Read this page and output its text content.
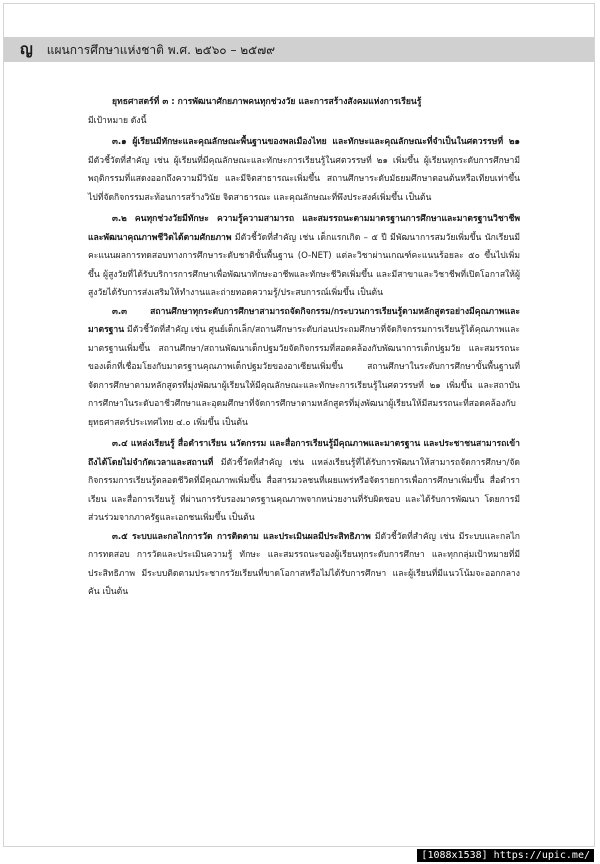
ญ แผนการศึกษาแห่งชาติ พ.ศ. ๒๕๖๐ – ๒๕๗๙

ยุทธศาสตร์ที่ ๓ : การพัฒนาศักยภาพคนทุกช่วงวัย และการสร้างสังคมแห่งการเรียนรู้

มีเป้าหมาย ดังนี้

๓.๑ ผู้เรียนมีทักษะและคุณลักษณะพื้นฐานของพลเมืองไทย และทักษะและคุณลักษณะที่จำเป็นในศตวรรษที่ ๒๑ มีตัวชี้วัดที่สำคัญ เช่น ผู้เรียนที่มีคุณลักษณะและทักษะการเรียนรู้ในศตวรรษที่ ๒๑ เพิ่มขึ้น ผู้เรียนทุกระดับการศึกษามีพฤติกรรมที่แสดงออกถึงความมีวินัย และมีจิตสาธารณะเพิ่มขึ้น สถานศึกษาระดับมัธยมศึกษาตอนต้นหรือเทียบเท่าขึ้นไปที่จัดกิจกรรมสะท้อนการสร้างวินัย จิตสาธารณะ และคุณลักษณะที่พึงประสงค์เพิ่มขึ้น เป็นต้น

๓.๒ คนทุกช่วงวัยมีทักษะ ความรู้ความสามารถ และสมรรถนะตามมาตรฐานการศึกษาและมาตรฐานวิชาชีพ และพัฒนาคุณภาพชีวิตได้ตามศักยภาพ มีตัวชี้วัดที่สำคัญ เช่น เด็กแรกเกิด – ๕ ปี มีพัฒนาการสมวัยเพิ่มขึ้น นักเรียนมีคะแนนผลการทดสอบทางการศึกษาระดับชาติขั้นพื้นฐาน (O-NET) แต่ละวิชาผ่านเกณฑ์คะแนนร้อยละ ๕๐ ขึ้นไปเพิ่มขึ้น ผู้สูงวัยที่ได้รับบริการการศึกษาเพื่อพัฒนาทักษะอาชีพและทักษะชีวิตเพิ่มขึ้น และมีสาขาและวิชาชีพที่เปิดโอกาสให้ผู้สูงวัยได้รับการส่งเสริมให้ทำงานและถ่ายทอดความรู้/ประสบการณ์เพิ่มขึ้น เป็นต้น

๓.๓ สถานศึกษาทุกระดับการศึกษาสามารถจัดกิจกรรม/กระบวนการเรียนรู้ตามหลักสูตรอย่างมีคุณภาพและมาตรฐาน มีตัวชี้วัดที่สำคัญ เช่น ศูนย์เด็กเล็ก/สถานศึกษาระดับก่อนประถมศึกษาที่จัดกิจกรรมการเรียนรู้ได้คุณภาพและมาตรฐานเพิ่มขึ้น สถานศึกษา/สถานพัฒนาเด็กปฐมวัยจัดกิจกรรมที่สอดคล้องกับพัฒนาการเด็กปฐมวัย และสมรรถนะของเด็กที่เชื่อมโยงกับมาตรฐานคุณภาพเด็กปฐมวัยของอาเซียนเพิ่มขึ้น สถานศึกษาในระดับการศึกษาขั้นพื้นฐานที่จัดการศึกษาตามหลักสูตรที่มุ่งพัฒนาผู้เรียนให้มีคุณลักษณะและทักษะการเรียนรู้ในศตวรรษที่ ๒๑ เพิ่มขึ้น และสถาบันการศึกษาในระดับอาชีวศึกษาและอุดมศึกษาที่จัดการศึกษาตามหลักสูตรที่มุ่งพัฒนาผู้เรียนให้มีสมรรถนะที่สอดคล้องกับยุทธศาสตร์ประเทศไทย ๔.๐ เพิ่มขึ้น เป็นต้น

๓.๔ แหล่งเรียนรู้ สื่อตำราเรียน นวัตกรรม และสื่อการเรียนรู้มีคุณภาพและมาตรฐาน และประชาชนสามารถเข้าถึงได้โดยไม่จำกัดเวลาและสถานที่ มีตัวชี้วัดที่สำคัญ เช่น แหล่งเรียนรู้ที่ได้รับการพัฒนาให้สามารถจัดการศึกษา/จัดกิจกรรมการเรียนรู้ตลอดชีวิตที่มีคุณภาพเพิ่มขึ้น สื่อสารมวลชนที่เผยแพร่หรือจัดรายการเพื่อการศึกษาเพิ่มขึ้น สื่อตำราเรียน และสื่อการเรียนรู้ ที่ผ่านการรับรองมาตรฐานคุณภาพจากหน่วยงานที่รับผิดชอบ และได้รับการพัฒนา โดยการมีส่วนร่วมจากภาครัฐและเอกชนเพิ่มขึ้น เป็นต้น

๓.๕ ระบบและกลไกการวัด การติดตาม และประเมินผลมีประสิทธิภาพ มีตัวชี้วัดที่สำคัญ เช่น มีระบบและกลไกการทดสอบ การวัดและประเมินความรู้ ทักษะ และสมรรถนะของผู้เรียนทุกระดับการศึกษา และทุกกลุ่มเป้าหมายที่มีประสิทธิภาพ มีระบบติดตามประชากรวัยเรียนที่ขาดโอกาสหรือไม่ได้รับการศึกษา และผู้เรียนที่มีแนวโน้มจะออกกลางคัน เป็นต้น

[1088x1538] https://upic.me/
